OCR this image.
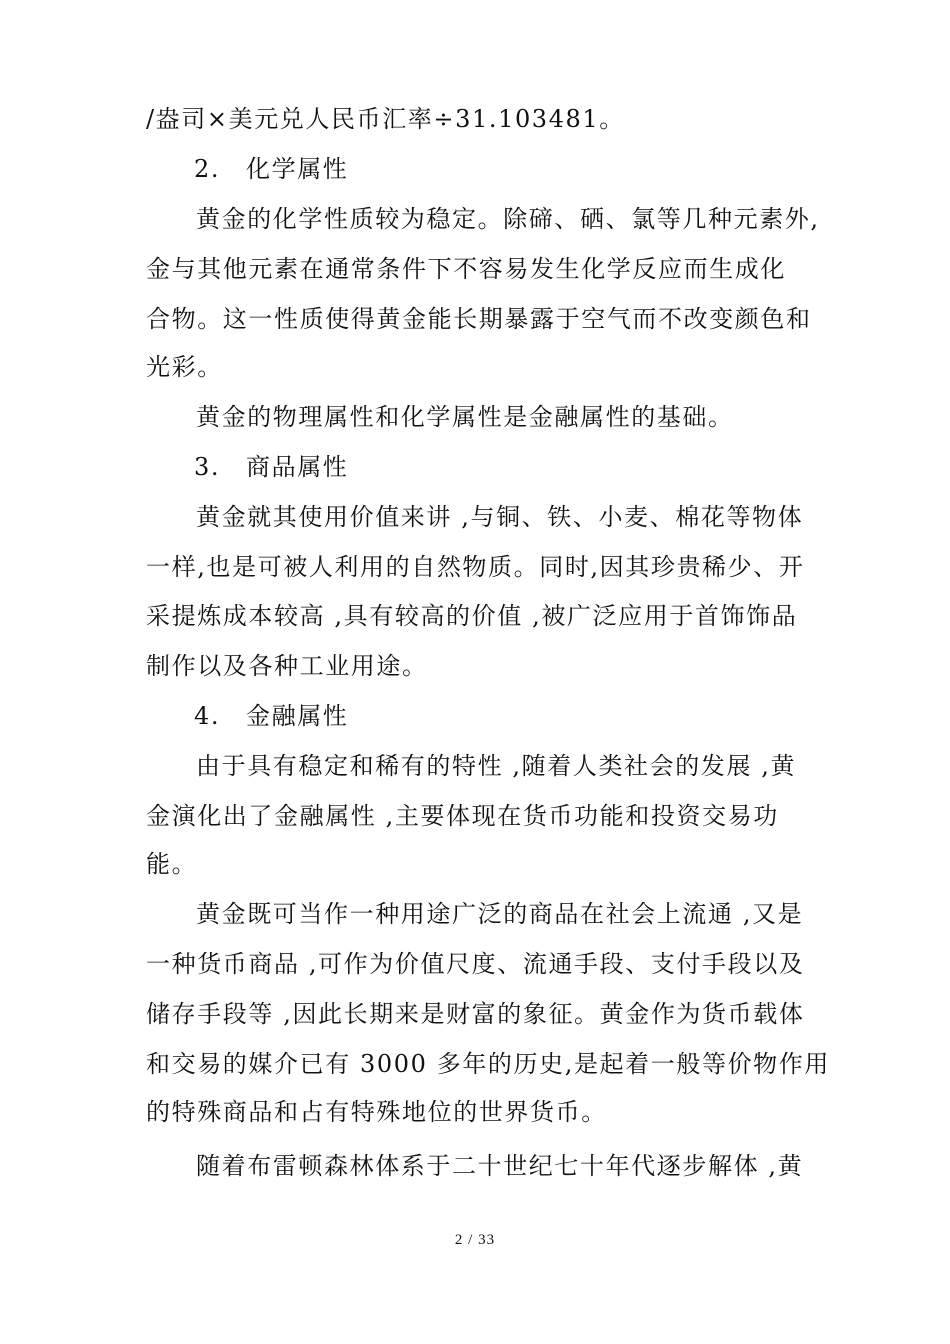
/盎司×美元兑人民币汇率÷31.103481。
2. 化学属性
黄金的化学性质较为稳定。除碲、硒、氯等几种元素外,
金与其他元素在通常条件下不容易发生化学反应而生成化
合物。这一性质使得黄金能长期暴露于空气而不改变颜色和
光彩。
黄金的物理属性和化学属性是金融属性的基础。
3. 商品属性
黄金就其使用价值来讲 ,与铜、铁、小麦、棉花等物体
一样,也是可被人利用的自然物质。同时,因其珍贵稀少、开
采提炼成本较高 ,具有较高的价值 ,被广泛应用于首饰饰品
制作以及各种工业用途。
4. 金融属性
由于具有稳定和稀有的特性 ,随着人类社会的发展 ,黄
金演化出了金融属性 ,主要体现在货币功能和投资交易功
能。
黄金既可当作一种用途广泛的商品在社会上流通 ,又是
一种货币商品 ,可作为价值尺度、流通手段、支付手段以及
储存手段等 ,因此长期来是财富的象征。黄金作为货币载体
和交易的媒介已有 3000 多年的历史,是起着一般等价物作用
的特殊商品和占有特殊地位的世界货币。
随着布雷顿森林体系于二十世纪七十年代逐步解体 ,黄
2 / 33
